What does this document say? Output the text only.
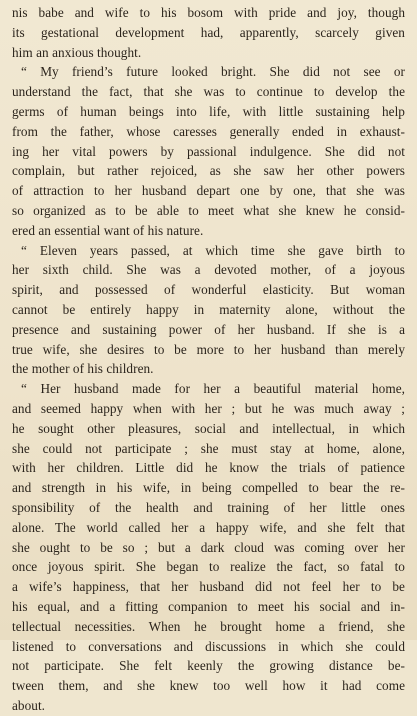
nis babe and wife to his bosom with pride and joy, though
its gestational development had, apparently, scarcely given
him an anxious thought.

“ My friend’s future looked bright. She did not see or
understand the fact, that she was to continue to develop the
germs of human beings into life, with little sustaining help
from the father, whose caresses generally ended in exhaust-
ing her vital powers by passional indulgence. She did not
complain, but rather rejoiced, as she saw her other powers
of attraction to her husband depart one by one, that she was
so organized as to be able to meet what she knew he consid-
ered an essential want of his nature.

“ Eleven years passed, at which time she gave birth to
her sixth child. She was a devoted mother, of a joyous
spirit, and possessed of wonderful elasticity. But woman
cannot be entirely happy in maternity alone, without the
presence and sustaining power of her husband. If she is a
true wife, she desires to be more to her husband than merely
the mother of his children.

“ Her husband made for her a beautiful material home,
and seemed happy when with her ; but he was much away ;
he sought other pleasures, social and intellectual, in which
she could not participate ; she must stay at home, alone,
with her children. Little did he know the trials of patience
and strength in his wife, in being compelled to bear the re-
sponsibility of the health and training of her little ones
alone. The world called her a happy wife, and she felt that
she ought to be so ; but a dark cloud was coming over her
once joyous spirit. She began to realize the fact, so fatal to
a wife’s happiness, that her husband did not feel her to be
his equal, and a fitting companion to meet his social and in-
tellectual necessities. When he brought home a friend, she
listened to conversations and discussions in which she could
not participate. She felt keenly the growing distance be-
tween them, and she knew too well how it had come
about.
